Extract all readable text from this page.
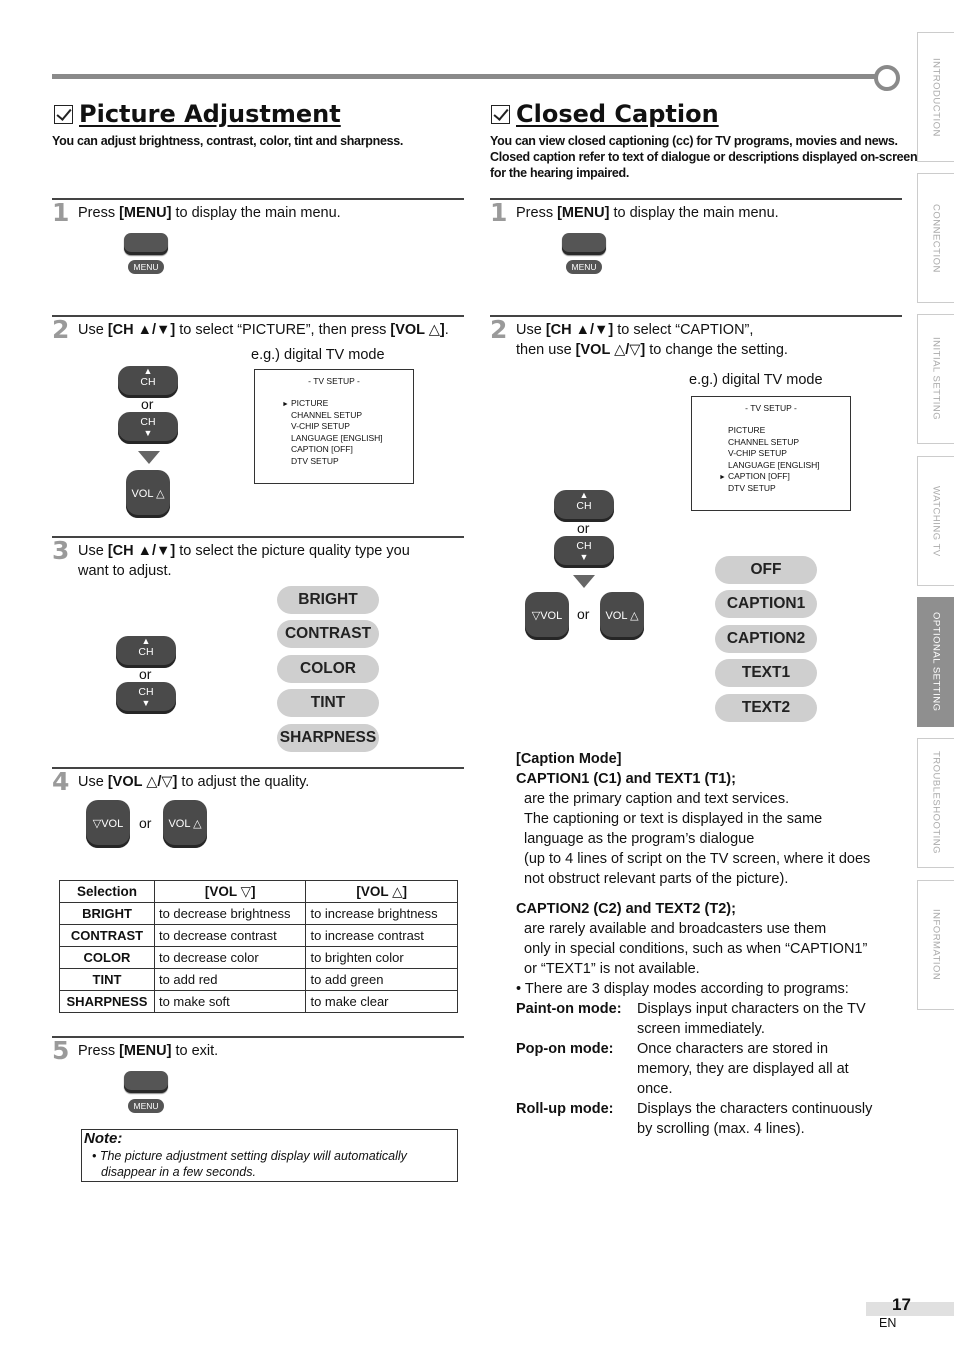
INTRODUCTION
CONNECTION
INITIAL SETTING
WATCHING TV
OPTIONAL SETTING
TROUBLESHOOTING
INFORMATION
Picture Adjustment
You can adjust brightness, contrast, color, tint and sharpness.
1 Press [MENU] to display the main menu.
MENU
2 Use [CH ▲/▼] to select “PICTURE”, then press [VOL △].
e.g.) digital TV mode
▲
CH
or
CH
▼
VOL △
- TV SETUP -
► PICTURE
CHANNEL SETUP
V-CHIP SETUP
LANGUAGE [ENGLISH]
CAPTION [OFF]
DTV SETUP
3 Use [CH ▲/▼] to select the picture quality type you
want to adjust.
BRIGHT
CONTRAST
COLOR
TINT
SHARPNESS
▲
CH
or
CH
▼
4 Use [VOL △/▽] to adjust the quality.
▽VOL	or	VOL △
Selection	[VOL ▽]	[VOL △]
BRIGHT	to decrease brightness	to increase brightness
CONTRAST	to decrease contrast	to increase contrast
COLOR	to decrease color	to brighten color
TINT	to add red	to add green
SHARPNESS	to make soft	to make clear
5 Press [MENU] to exit.
MENU
Note:
• The picture adjustment setting display will automatically
disappear in a few seconds.
Closed Caption
You can view closed captioning (cc) for TV programs, movies and news.
Closed caption refer to text of dialogue or descriptions displayed on-screen
for the hearing impaired.
1 Press [MENU] to display the main menu.
MENU
2 Use [CH ▲/▼] to select “CAPTION”,
then use [VOL △/▽] to change the setting.
e.g.) digital TV mode
- TV SETUP -
PICTURE
CHANNEL SETUP
V-CHIP SETUP
LANGUAGE [ENGLISH]
► CAPTION [OFF]
DTV SETUP
▲
CH
or
CH
▼
▽VOL	or	VOL △
OFF
CAPTION1
CAPTION2
TEXT1
TEXT2
[Caption Mode]
CAPTION1 (C1) and TEXT1 (T1);
are the primary caption and text services.
The captioning or text is displayed in the same
language as the program’s dialogue
(up to 4 lines of script on the TV screen, where it does
not obstruct relevant parts of the picture).
CAPTION2 (C2) and TEXT2 (T2);
are rarely available and broadcasters use them
only in special conditions, such as when “CAPTION1”
or “TEXT1” is not available.
• There are 3 display modes according to programs:
Paint-on mode: Displays input characters on the TV
screen immediately.
Pop-on mode: Once characters are stored in
memory, they are displayed all at
once.
Roll-up mode: Displays the characters continuously
by scrolling (max. 4 lines).
17
EN
